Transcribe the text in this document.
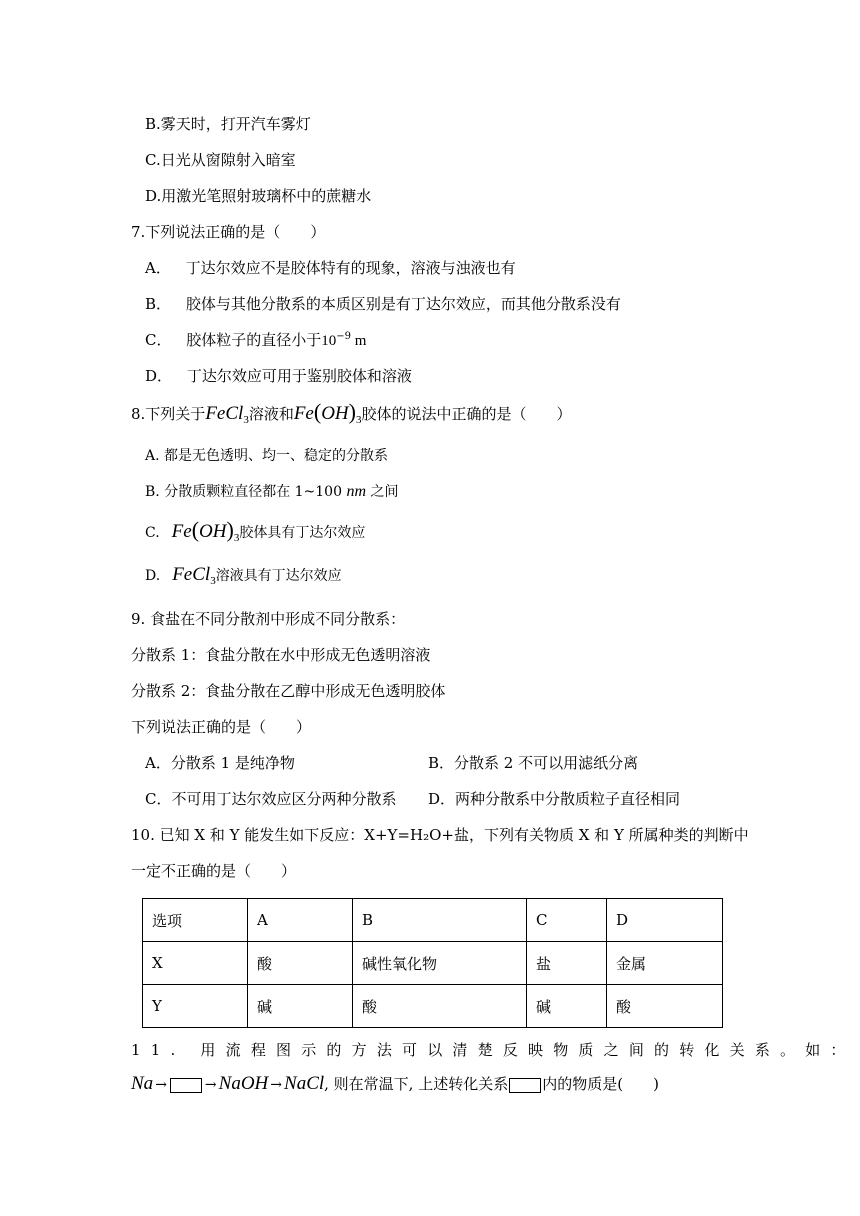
B.雾天时，打开汽车雾灯
C.日光从窗隙射入暗室
D.用激光笔照射玻璃杯中的蔗糖水
7.下列说法正确的是（　　）
A． 丁达尔效应不是胶体特有的现象，溶液与浊液也有
B． 胶体与其他分散系的本质区别是有丁达尔效应，而其他分散系没有
C． 胶体粒子的直径小于$10^{-9}$ m
D． 丁达尔效应可用于鉴别胶体和溶液
8.下列关于FeCl$_3$溶液和$Fe(OH)_3$胶体的说法中正确的是（　　）
A. 都是无色透明、均一、稳定的分散系
B. 分散质颗粒直径都在 1~100 nm 之间
C. $Fe(OH)_3$胶体具有丁达尔效应
D. FeCl$_3$溶液具有丁达尔效应
9. 食盐在不同分散剂中形成不同分散系：
分散系 1：食盐分散在水中形成无色透明溶液
分散系 2：食盐分散在乙醇中形成无色透明胶体
下列说法正确的是（　　）
A．分散系 1 是纯净物	B．分散系 2 不可以用滤纸分离
C．不可用丁达尔效应区分两种分散系 D．两种分散系中分散质粒子直径相同
10. 已知 X 和 Y 能发生如下反应：X+Y=H₂O+盐，下列有关物质 X 和 Y 所属种类的判断中
一定不正确的是（　　）
选项	A	B	C	D
X	酸	碱性氧化物	盐	金属
Y	碱	酸	碱	酸
11. 用流程图示的方法可以清楚反映物质之间的转化关系。如：
Na →	→ NaOH → NaCl, 则在常温下, 上述转化关系 内的物质是(　　)
